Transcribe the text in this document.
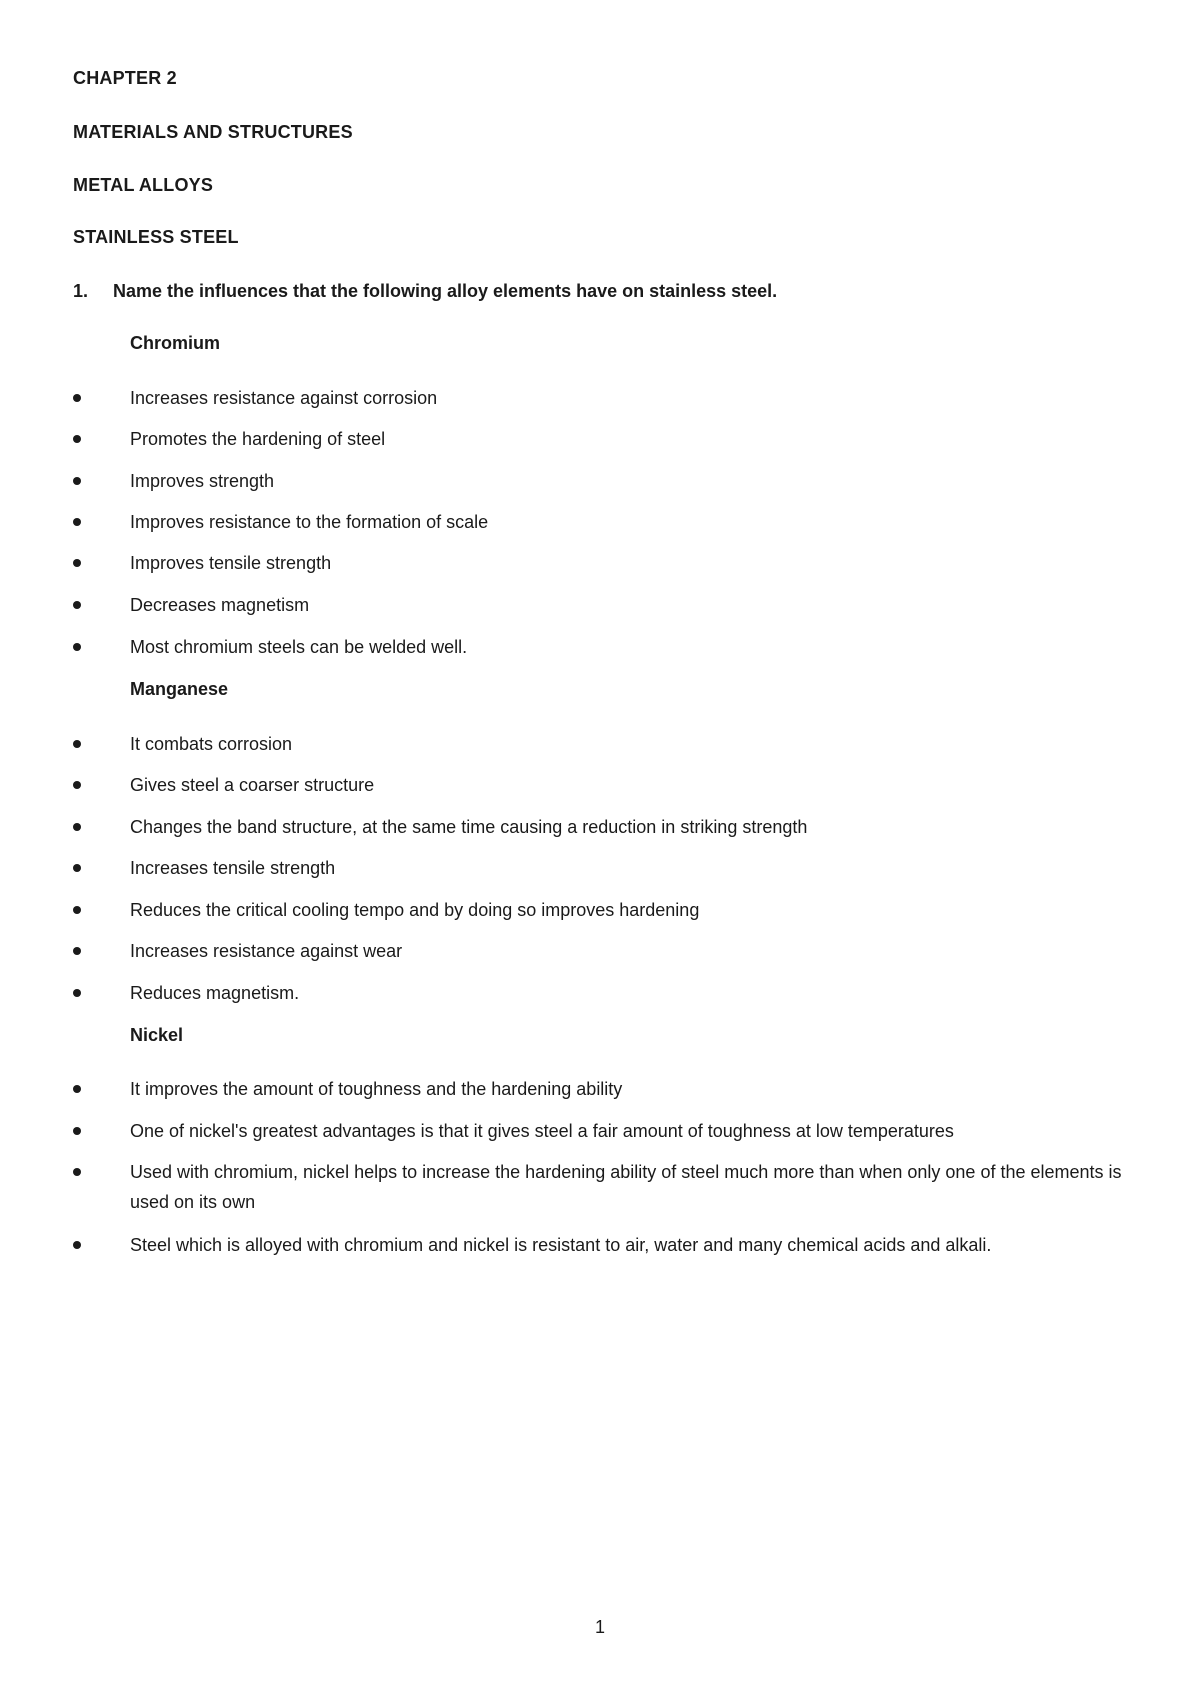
CHAPTER 2
MATERIALS AND STRUCTURES
METAL ALLOYS
STAINLESS STEEL
1. Name the influences that the following alloy elements have on stainless steel.
Chromium
Increases resistance against corrosion
Promotes the hardening of steel
Improves strength
Improves resistance to the formation of scale
Improves tensile strength
Decreases magnetism
Most chromium steels can be welded well.
Manganese
It combats corrosion
Gives steel a coarser structure
Changes the band structure, at the same time causing a reduction in striking strength
Increases tensile strength
Reduces the critical cooling tempo and by doing so improves hardening
Increases resistance against wear
Reduces magnetism.
Nickel
It improves the amount of toughness and the hardening ability
One of nickel's greatest advantages is that it gives steel a fair amount of toughness at low temperatures
Used with chromium, nickel helps to increase the hardening ability of steel much more than when only one of the elements is used on its own
Steel which is alloyed with chromium and nickel is resistant to air, water and many chemical acids and alkali.
1
